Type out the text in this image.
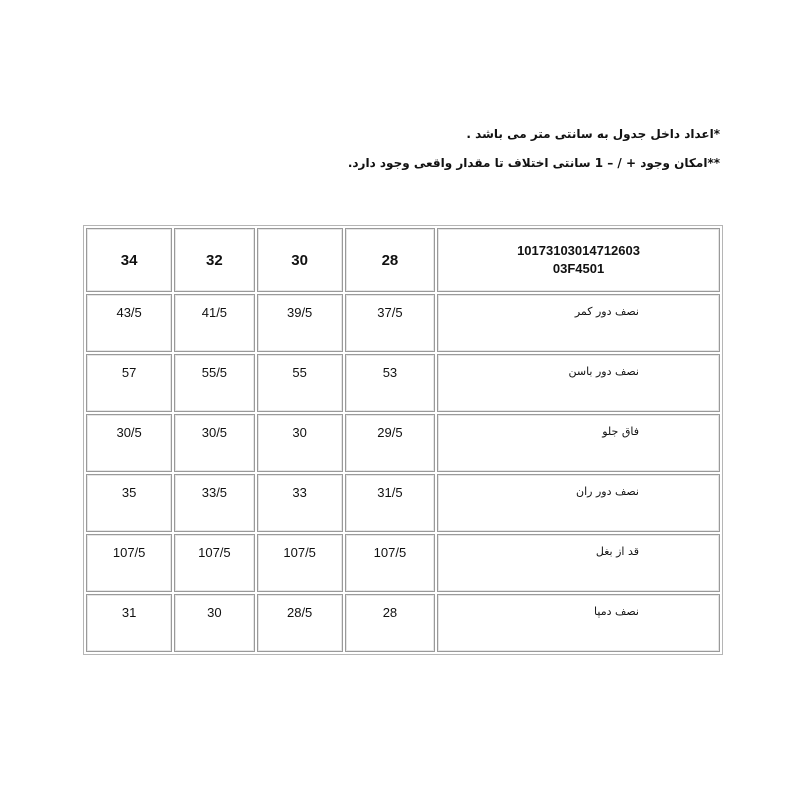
*اعداد داخل جدول به سانتی متر می باشد .
**امکان وجود + / – 1 سانتی اختلاف تا مقدار واقعی وجود دارد.
34	32	30	28	10173103014712603
03F4501

43/5	41/5	39/5	37/5	نصف دور کمر
57	55/5	55	53	نصف دور باسن
30/5	30/5	30	29/5	فاق جلو
35	33/5	33	31/5	نصف دور ران
107/5	107/5	107/5	107/5	قد از بغل
31	30	28/5	28	نصف دمپا
